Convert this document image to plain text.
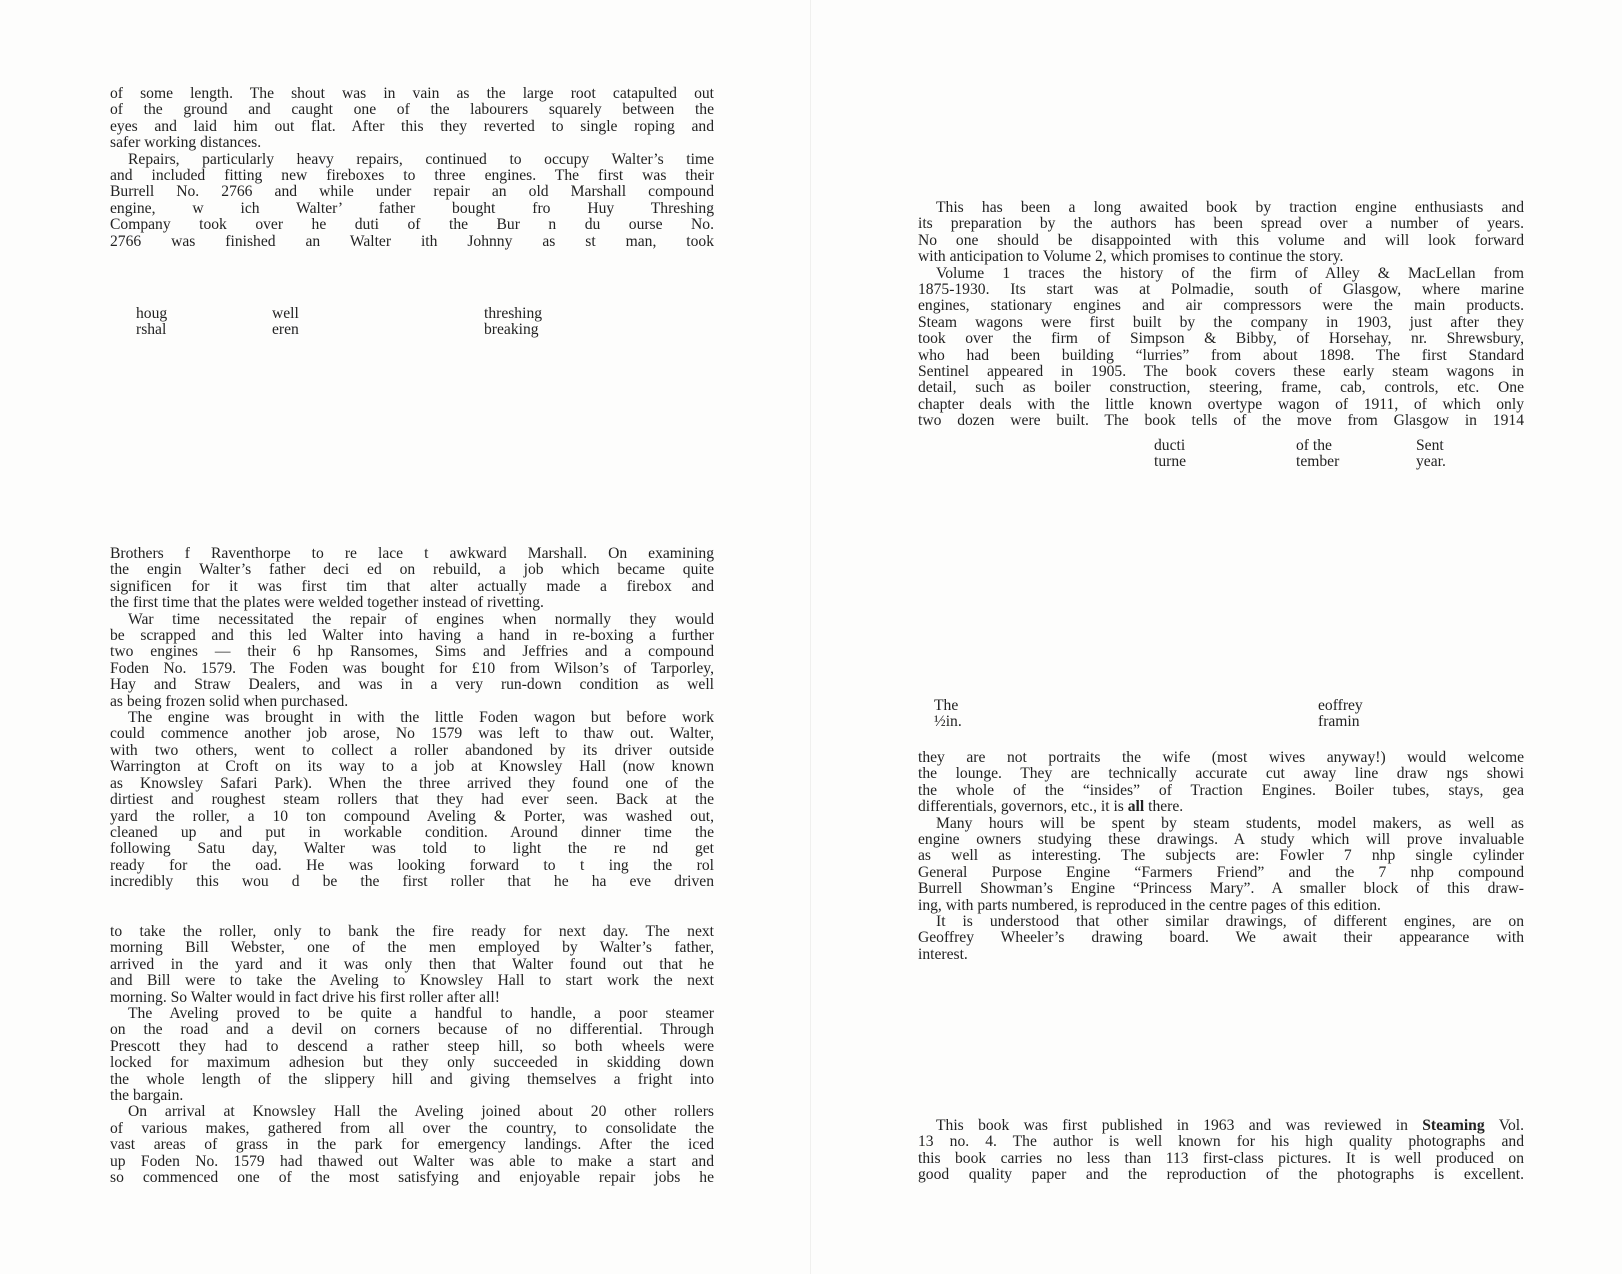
of some length. The shout was in vain as the large root catapulted out

of the ground and caught one of the labourers squarely between the

eyes and laid him out flat. After this they reverted to single roping and

safer working distances.

Repairs, particularly heavy repairs, continued to occupy Walter’s time

and included fitting new fireboxes to three engines. The first was their

Burrell No. 2766 and while under repair an old Marshall compound

engine, w ich Walter’ father bought fro Huy Threshing

Company took over he duti of the Bur n du ourse No.

2766 was finished an Walter ith Johnny as st man, took

houg
rshal
well
eren
threshing
breaking

Brothers f Raventhorpe to re lace t awkward Marshall. On examining

the engin Walter’s father deci ed on rebuild, a job which became quite

significen for it was first tim that alter actually made a firebox and

the first time that the plates were welded together instead of rivetting.

War time necessitated the repair of engines when normally they would

be scrapped and this led Walter into having a hand in re-boxing a further

two engines — their 6 hp Ransomes, Sims and Jeffries and a compound

Foden No. 1579. The Foden was bought for £10 from Wilson’s of Tarporley,

Hay and Straw Dealers, and was in a very run-down condition as well

as being frozen solid when purchased.

The engine was brought in with the little Foden wagon but before work

could commence another job arose, No 1579 was left to thaw out. Walter,

with two others, went to collect a roller abandoned by its driver outside

Warrington at Croft on its way to a job at Knowsley Hall (now known

as Knowsley Safari Park). When the three arrived they found one of the

dirtiest and roughest steam rollers that they had ever seen. Back at the

yard the roller, a 10 ton compound Aveling & Porter, was washed out,

cleaned up and put in workable condition. Around dinner time the

following Satu day, Walter was told to light the re nd get

ready for the oad. He was looking forward to t ing the rol

incredibly this wou d be the first roller that he ha eve driven

to take the roller, only to bank the fire ready for next day. The next

morning Bill Webster, one of the men employed by Walter’s father,

arrived in the yard and it was only then that Walter found out that he

and Bill were to take the Aveling to Knowsley Hall to start work the next

morning. So Walter would in fact drive his first roller after all!

The Aveling proved to be quite a handful to handle, a poor steamer

on the road and a devil on corners because of no differential. Through

Prescott they had to descend a rather steep hill, so both wheels were

locked for maximum adhesion but they only succeeded in skidding down

the whole length of the slippery hill and giving themselves a fright into

the bargain.

On arrival at Knowsley Hall the Aveling joined about 20 other rollers

of various makes, gathered from all over the country, to consolidate the

vast areas of grass in the park for emergency landings. After the iced

up Foden No. 1579 had thawed out Walter was able to make a start and

so commenced one of the most satisfying and enjoyable repair jobs he

This has been a long awaited book by traction engine enthusiasts and

its preparation by the authors has been spread over a number of years.

No one should be disappointed with this volume and will look forward

with anticipation to Volume 2, which promises to continue the story.

Volume 1 traces the history of the firm of Alley & MacLellan from

1875-1930. Its start was at Polmadie, south of Glasgow, where marine

engines, stationary engines and air compressors were the main products.

Steam wagons were first built by the company in 1903, just after they

took over the firm of Simpson & Bibby, of Horsehay, nr. Shrewsbury,

who had been building “lurries” from about 1898. The first Standard

Sentinel appeared in 1905. The book covers these early steam wagons in

detail, such as boiler construction, steering, frame, cab, controls, etc. One

chapter deals with the little known overtype wagon of 1911, of which only

two dozen were built. The book tells of the move from Glasgow in 1914

ducti
turne
of the
tember
Sent
year.
The
½in.
eoffrey
framin

they are not portraits the wife (most wives anyway!) would welcome

the lounge. They are technically accurate cut away line draw ngs showi

the whole of the “insides” of Traction Engines. Boiler tubes, stays, gea

differentials, governors, etc., it is all there.

Many hours will be spent by steam students, model makers, as well as

engine owners studying these drawings. A study which will prove invaluable

as well as interesting. The subjects are: Fowler 7 nhp single cylinder

General Purpose Engine “Farmers Friend” and the 7 nhp compound

Burrell Showman’s Engine “Princess Mary”. A smaller block of this draw-

ing, with parts numbered, is reproduced in the centre pages of this edition.

It is understood that other similar drawings, of different engines, are on

Geoffrey Wheeler’s drawing board. We await their appearance with

interest.

This book was first published in 1963 and was reviewed in Steaming Vol.

13 no. 4. The author is well known for his high quality photographs and

this book carries no less than 113 first-class pictures. It is well produced on

good quality paper and the reproduction of the photographs is excellent.
